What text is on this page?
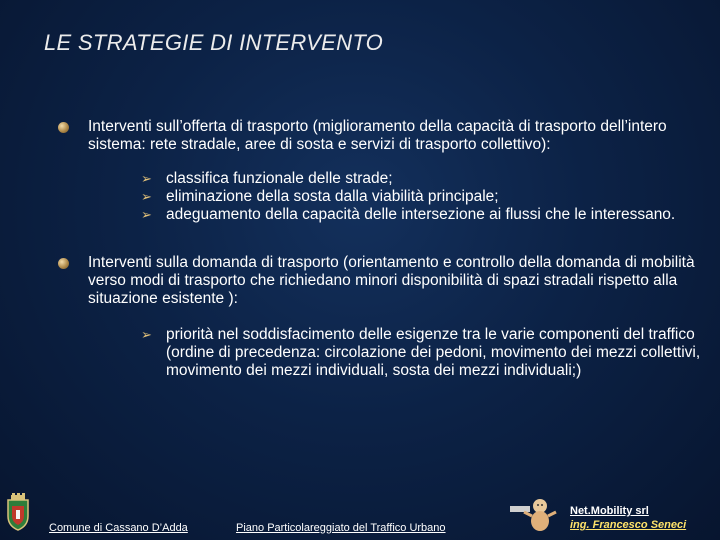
LE STRATEGIE DI INTERVENTO
Interventi sull’offerta di trasporto (miglioramento della capacità di trasporto dell’intero sistema: rete stradale, aree di sosta e servizi di trasporto collettivo):
➢ classifica funzionale delle strade;
➢ eliminazione della sosta dalla viabilità principale;
➢ adeguamento della capacità delle intersezione ai flussi che le interessano.
Interventi sulla domanda di trasporto (orientamento e controllo della domanda di mobilità verso modi di trasporto che richiedano minori disponibilità di spazi stradali rispetto alla situazione esistente ):
➢ priorità nel soddisfacimento delle esigenze tra le varie componenti del traffico (ordine di precedenza: circolazione dei pedoni, movimento dei mezzi collettivi, movimento dei mezzi individuali, sosta dei mezzi individuali;)
Comune di Cassano D’Adda	Piano Particolareggiato del Traffico Urbano
Net.Mobility srl
ing. Francesco Seneci
